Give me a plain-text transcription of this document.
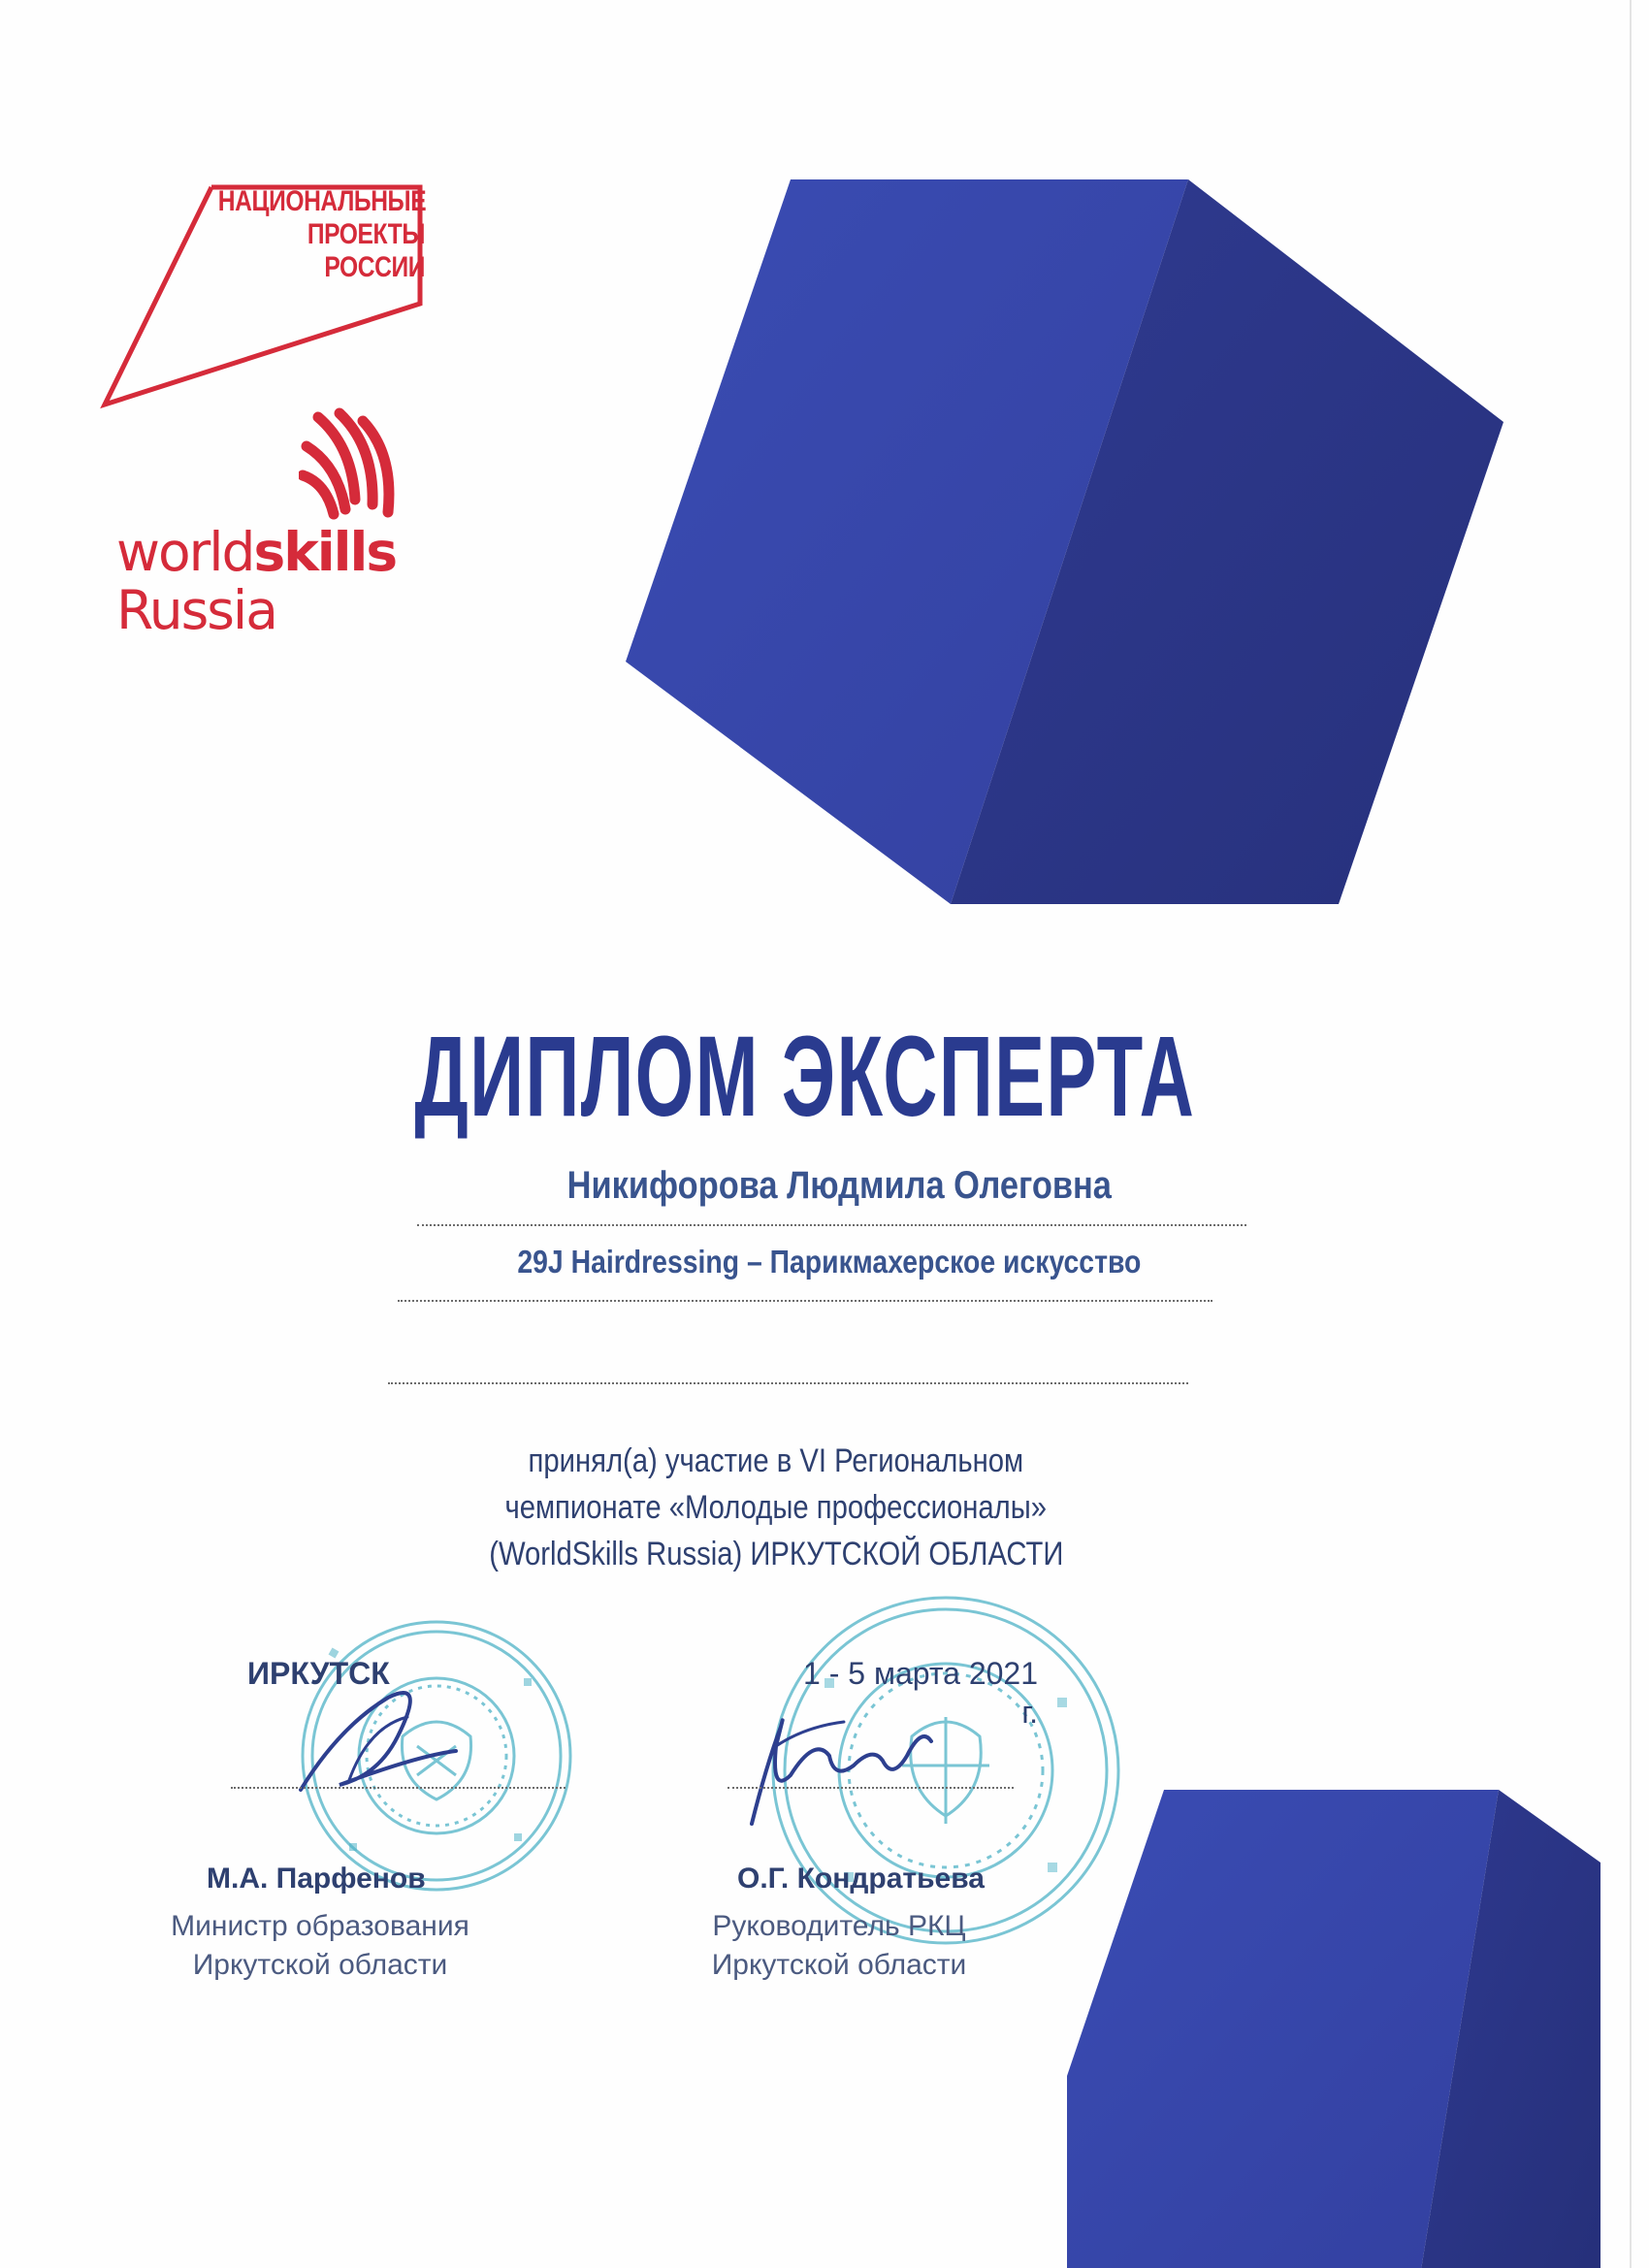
НАЦИОНАЛЬНЫЕ
ПРОЕКТЫ
РОССИИ
worldskills
Russia
ДИПЛОМ ЭКСПЕРТА
Никифорова Людмила Олеговна
29J Hairdressing – Парикмахерское искусство
принял(а) участие в VI Региональном
чемпионате «Молодые профессионалы»
(WorldSkills Russia) ИРКУТСКОЙ ОБЛАСТИ
ИРКУТСК	1 - 5 марта 2021 г.
М.А. Парфенов
Министр образования
Иркутской области
О.Г. Кондратьева
Руководитель РКЦ
Иркутской области
